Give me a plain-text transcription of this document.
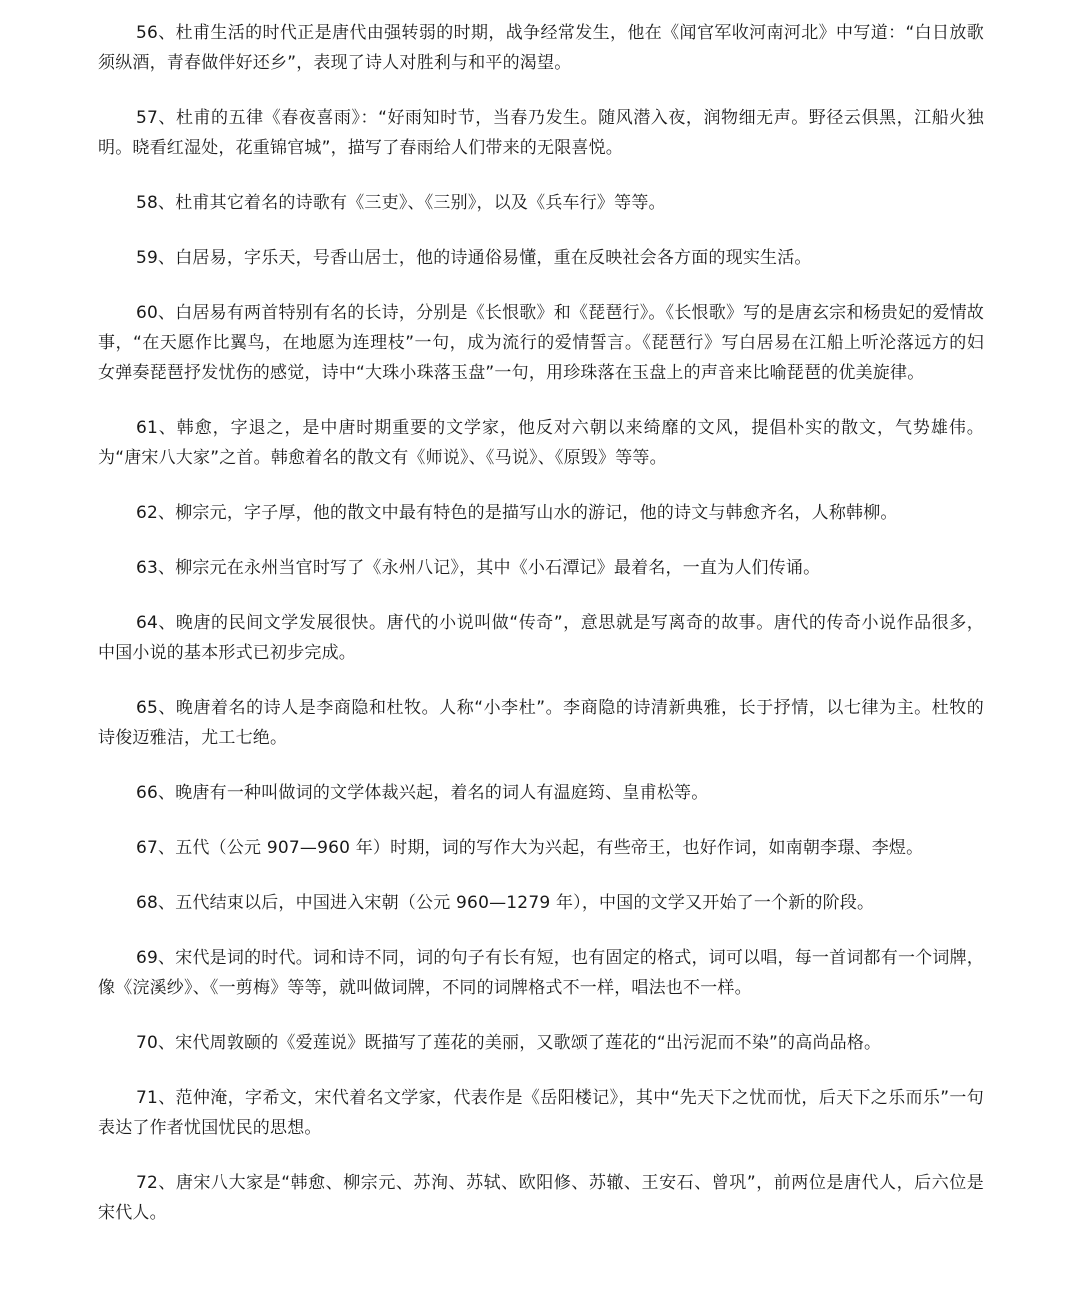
56、杜甫生活的时代正是唐代由强转弱的时期，战争经常发生，他在《闻官军收河南河北》中写道：“白日放歌须纵酒，青春做伴好还乡”，表现了诗人对胜利与和平的渴望。

57、杜甫的五律《春夜喜雨》：“好雨知时节，当春乃发生。随风潜入夜，润物细无声。野径云俱黑，江船火独明。晓看红湿处，花重锦官城”，描写了春雨给人们带来的无限喜悦。

58、杜甫其它着名的诗歌有《三吏》、《三别》，以及《兵车行》等等。

59、白居易，字乐天，号香山居士，他的诗通俗易懂，重在反映社会各方面的现实生活。

60、白居易有两首特别有名的长诗，分别是《长恨歌》和《琵琶行》。《长恨歌》写的是唐玄宗和杨贵妃的爱情故事，“在天愿作比翼鸟，在地愿为连理枝”一句，成为流行的爱情誓言。《琵琶行》写白居易在江船上听沦落远方的妇女弹奏琵琶抒发忧伤的感觉，诗中“大珠小珠落玉盘”一句，用珍珠落在玉盘上的声音来比喻琵琶的优美旋律。

61、韩愈，字退之，是中唐时期重要的文学家，他反对六朝以来绮靡的文风，提倡朴实的散文，气势雄伟。为“唐宋八大家”之首。韩愈着名的散文有《师说》、《马说》、《原毁》等等。

62、柳宗元，字子厚，他的散文中最有特色的是描写山水的游记，他的诗文与韩愈齐名，人称韩柳。

63、柳宗元在永州当官时写了《永州八记》，其中《小石潭记》最着名，一直为人们传诵。

64、晚唐的民间文学发展很快。唐代的小说叫做“传奇”，意思就是写离奇的故事。唐代的传奇小说作品很多，中国小说的基本形式已初步完成。

65、晚唐着名的诗人是李商隐和杜牧。人称“小李杜”。李商隐的诗清新典雅，长于抒情，以七律为主。杜牧的诗俊迈雅洁，尤工七绝。

66、晚唐有一种叫做词的文学体裁兴起，着名的词人有温庭筠、皇甫松等。

67、五代（公元 907—960 年）时期，词的写作大为兴起，有些帝王，也好作词，如南朝李璟、李煜。

68、五代结束以后，中国进入宋朝（公元 960—1279 年），中国的文学又开始了一个新的阶段。

69、宋代是词的时代。词和诗不同，词的句子有长有短，也有固定的格式，词可以唱，每一首词都有一个词牌，像《浣溪纱》、《一剪梅》等等，就叫做词牌，不同的词牌格式不一样，唱法也不一样。

70、宋代周敦颐的《爱莲说》既描写了莲花的美丽，又歌颂了莲花的“出污泥而不染”的高尚品格。

71、范仲淹，字希文，宋代着名文学家，代表作是《岳阳楼记》，其中“先天下之忧而忧，后天下之乐而乐”一句表达了作者忧国忧民的思想。

72、唐宋八大家是“韩愈、柳宗元、苏洵、苏轼、欧阳修、苏辙、王安石、曾巩”，前两位是唐代人，后六位是宋代人。
